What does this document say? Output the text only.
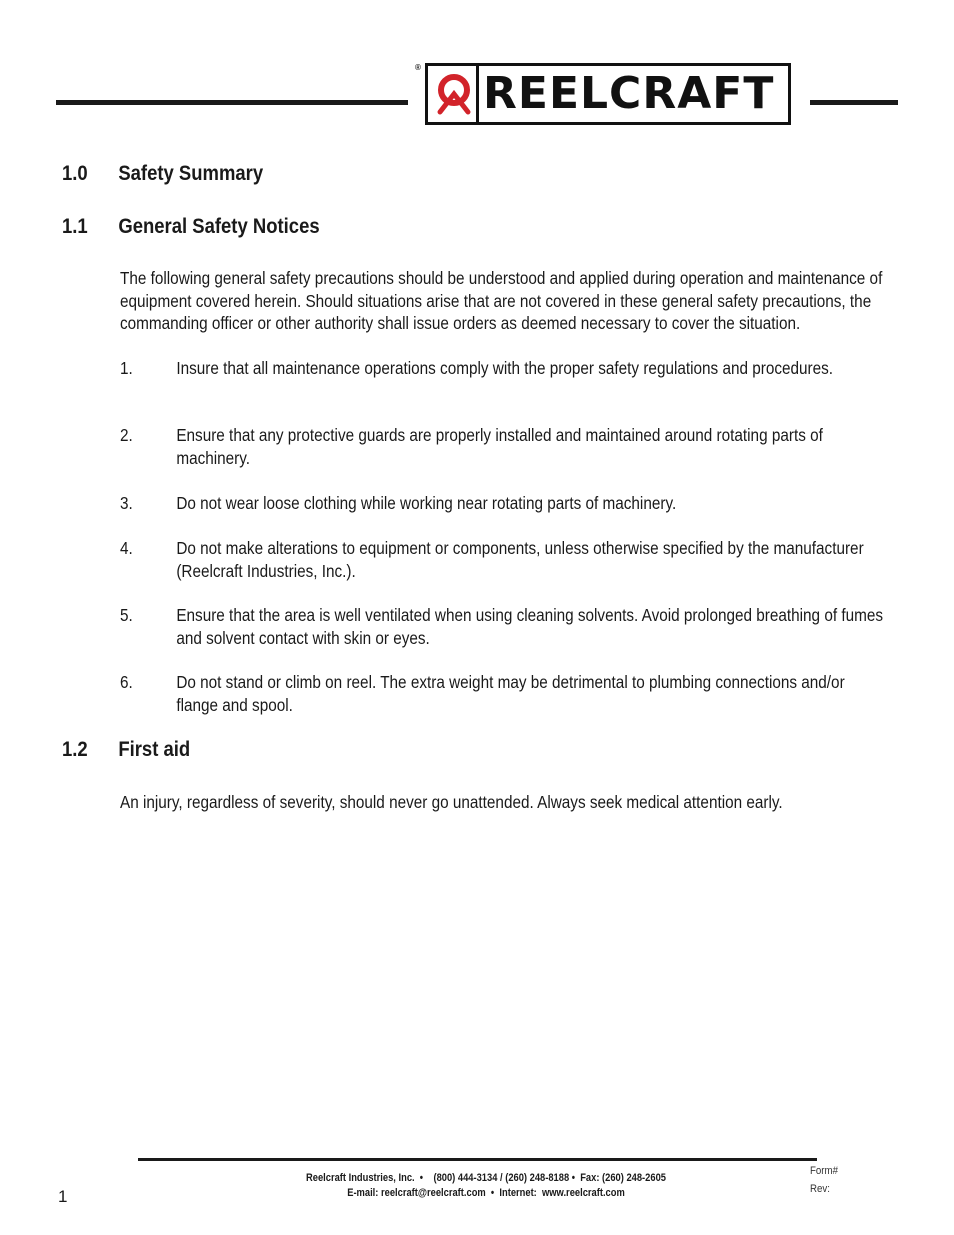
®
REELCRAFT
1.0 Safety Summary
1.1 General Safety Notices

The following general safety precautions should be understood and applied during operation and maintenance of equipment covered herein. Should situations arise that are not covered in these general safety precautions, the commanding officer or other authority shall issue orders as deemed necessary to cover the situation.

1.	Insure that all maintenance operations comply with the proper safety regulations and procedures.
2.	Ensure that any protective guards are properly installed and maintained around rotating parts of machinery.
3.	Do not wear loose clothing while working near rotating parts of machinery.
4.	Do not make alterations to equipment or components, unless otherwise specified by the manufacturer (Reelcraft Industries, Inc.).
5.	Ensure that the area is well ventilated when using cleaning solvents. Avoid prolonged breathing of fumes and solvent contact with skin or eyes.
6.	Do not stand or climb on reel. The extra weight may be detrimental to plumbing connections and/or flange and spool.
1.2 First aid

An injury, regardless of severity, should never go unattended. Always seek medical attention early.

Reelcraft Industries, Inc.  •    (800) 444-3134 / (260) 248-8188 •  Fax: (260) 248-2605
E-mail: reelcraft@reelcraft.com  •  Internet:  www.reelcraft.com
Form#
Rev:
1
